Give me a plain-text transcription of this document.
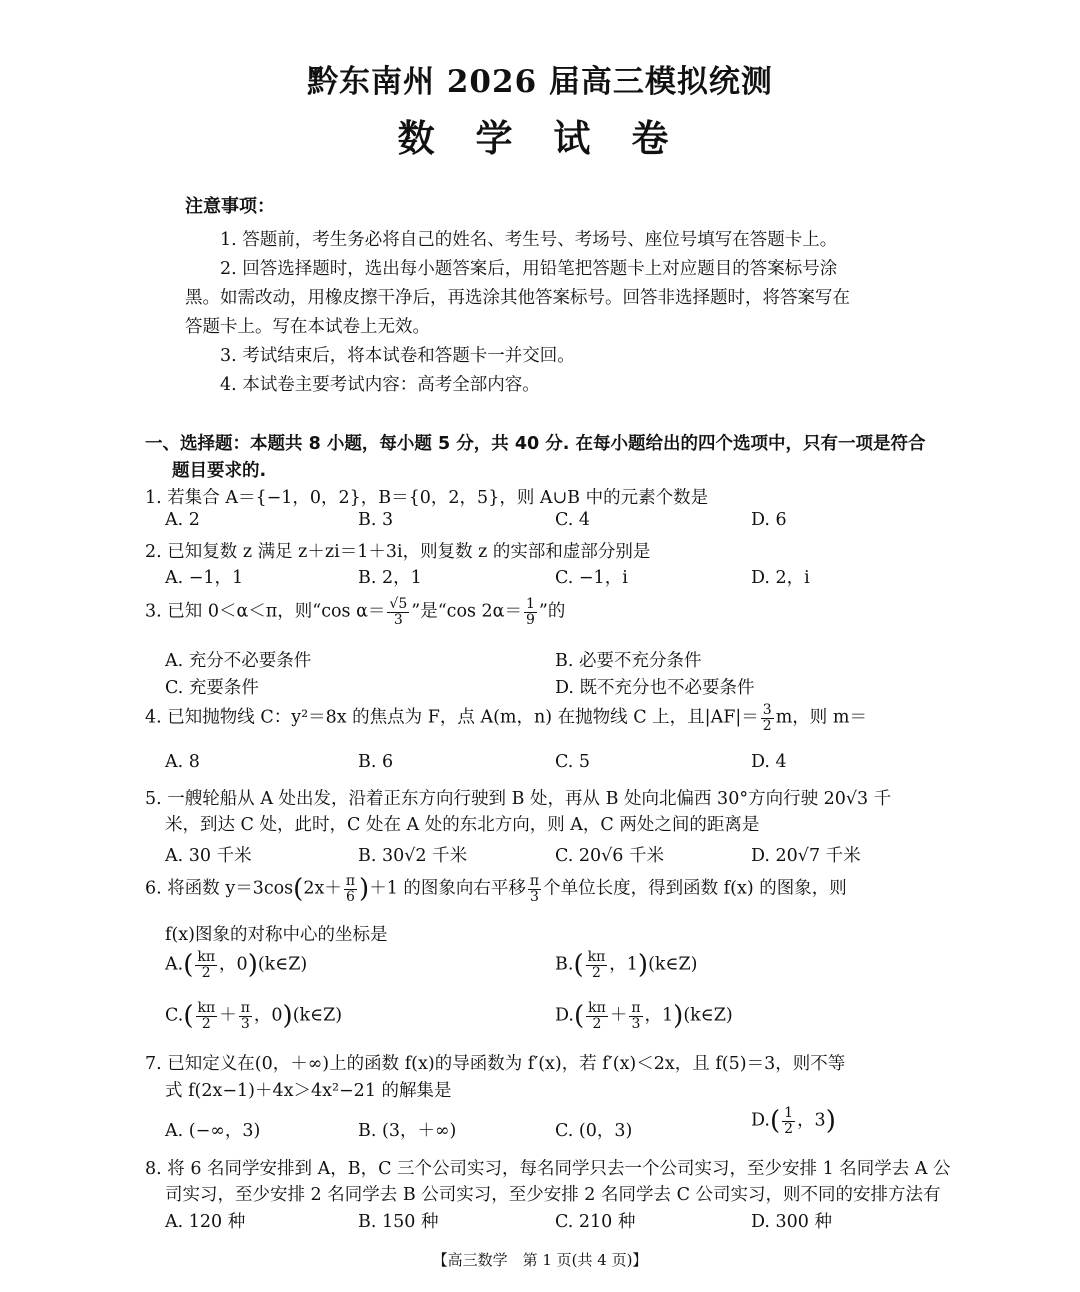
黔东南州 2026 届高三模拟统测
数 学 试 卷
注意事项：
1. 答题前，考生务必将自己的姓名、考生号、考场号、座位号填写在答题卡上。
2. 回答选择题时，选出每小题答案后，用铅笔把答题卡上对应题目的答案标号涂
黑。如需改动，用橡皮擦干净后，再选涂其他答案标号。回答非选择题时，将答案写在
答题卡上。写在本试卷上无效。
3. 考试结束后，将本试卷和答题卡一并交回。
4. 本试卷主要考试内容：高考全部内容。
一、选择题：本题共 8 小题，每小题 5 分，共 40 分. 在每小题给出的四个选项中，只有一项是符合
题目要求的.
1. 若集合 A＝{−1，0，2}，B＝{0，2，5}，则 A∪B 中的元素个数是
A. 2	B. 3	C. 4	D. 6
2. 已知复数 z 满足 z＋zi＝1＋3i，则复数 z 的实部和虚部分别是
A. −1，1	B. 2，1	C. −1，i	D. 2，i
3. 已知 0＜α＜π，则“cos $\alpha= \frac{√5}{3}$ ”是“cos $2\alpha= \frac{1}{9}$ ”的
A. 充分不必要条件	B. 必要不充分条件
C. 充要条件	D. 既不充分也不必要条件
4. 已知抛物线 C：y²＝8x 的焦点为 F，点 A(m，n) 在抛物线 C 上，且$|AF|= \frac{3}{2}$ m，则 m＝
A. 8	B. 6	C. 5	D. 4
5. 一艘轮船从 A 处出发，沿着正东方向行驶到 B 处，再从 B 处向北偏西 30°方向行驶 20√3 千
米，到达 C 处，此时，C 处在 A 处的东北方向，则 A，C 两处之间的距离是
A. 30 千米	B. 30√2 千米	C. 20√6 千米	D. 20√7 千米
6. 将函数 $y=3\cos(2x+ \frac{\pi}{6} )+1$ 的图象向右平移 $\frac{\pi}{3}$ 个单位长度，得到函数 f(x) 的图象，则
f(x)图象的对称中心的坐标是
$A.( \frac{k\pi}{2}$ ，0)(k∈Z)	$B.( \frac{k\pi}{2}$ ，1)(k∈Z)
$C.( \frac{k\pi}{2} + \frac{\pi}{3}$ ，0)(k∈Z)	$D.( \frac{k\pi}{2} + \frac{\pi}{3}$ ，1)(k∈Z)
7. 已知定义在(0，＋∞)上的函数 f(x)的导函数为 f′(x)，若 f′(x)＜2x，且 f(5)＝3，则不等
式 f(2x−1)＋4x＞4x²−21 的解集是
A. (−∞，3)	B. (3，＋∞)	C. (0，3)
$D.( \frac{1}{2}$ ，3)
8. 将 6 名同学安排到 A，B，C 三个公司实习，每名同学只去一个公司实习，至少安排 1 名同学去 A 公
司实习，至少安排 2 名同学去 B 公司实习，至少安排 2 名同学去 C 公司实习，则不同的安排方法有
A. 120 种	B. 150 种	C. 210 种	D. 300 种
【高三数学　第 1 页(共 4 页)】
